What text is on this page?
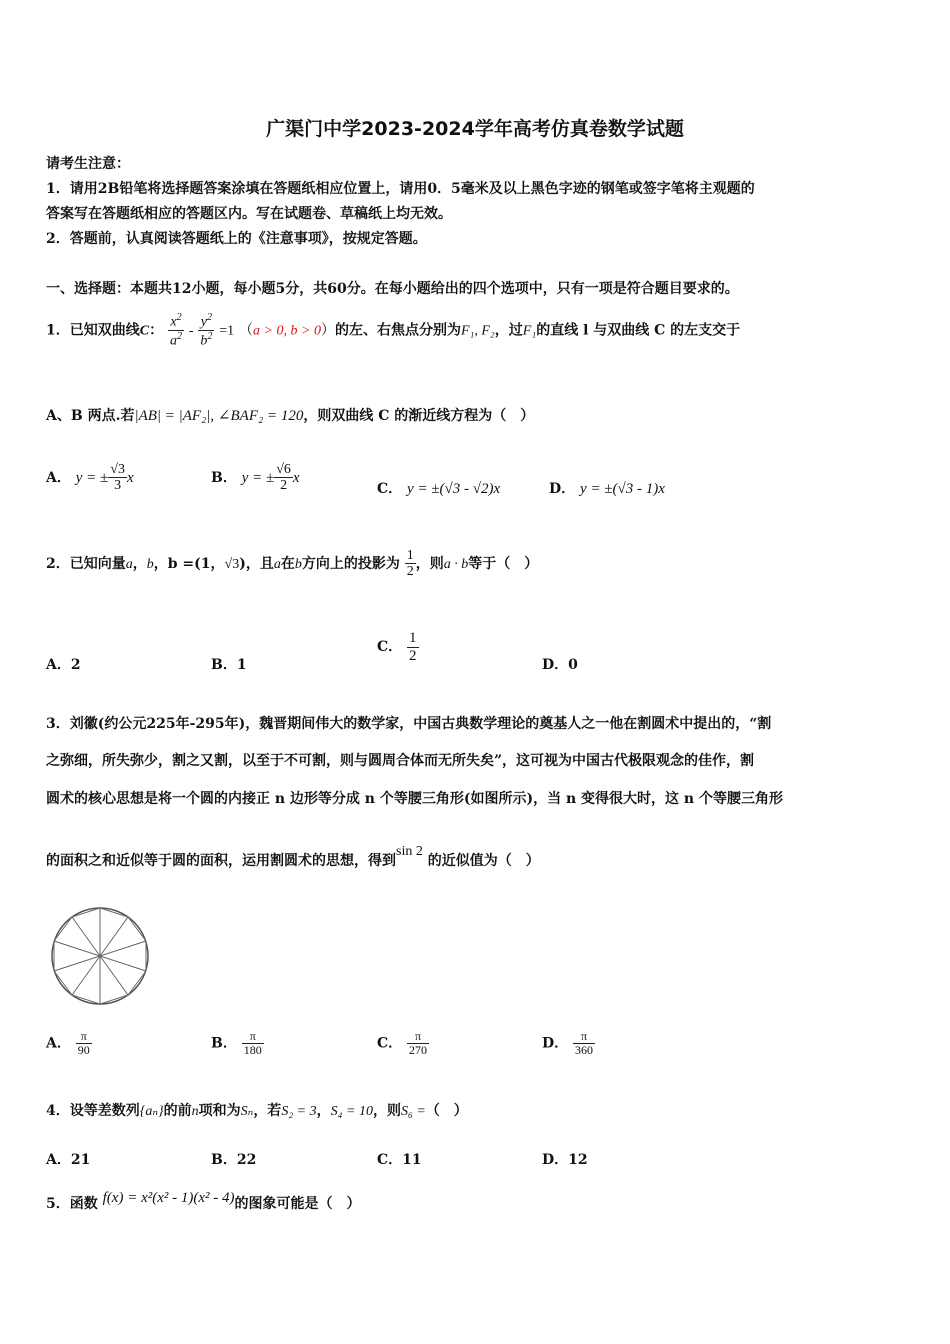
广渠门中学2023-2024学年高考仿真卷数学试题
请考生注意：
1．请用2B铅笔将选择题答案涂填在答题纸相应位置上，请用0．5毫米及以上黑色字迹的钢笔或签字笔将主观题的
答案写在答题纸相应的答题区内。写在试题卷、草稿纸上均无效。
2．答题前，认真阅读答题纸上的《注意事项》，按规定答题。
一、选择题：本题共12小题，每小题5分，共60分。在每小题给出的四个选项中，只有一项是符合题目要求的。
1．已知双曲线C： $\frac{x^2}{a^2} - \frac{y^2}{b^2} =1$ （a > 0, b > 0）的左、右焦点分别为F₁, F₂，过F₁的直线 l 与双曲线 C 的左支交于
A、B 两点.若|AB| = |AF₂|, ∠BAF₂ = 120，则双曲线 C 的渐近线方程为（　）
A． y = ± $\frac{√3}{3}$ x	B． y = ± $\frac{√6}{2}$ x
C． y = ±(√3 - √2)x	D． y = ±(√3 - 1)x
2．已知向量a，b，b =(1，√3)，且a在b方向上的投影为 $\frac{1}{2}$ ，则a · b等于（　）
A．2	B．1
C． $\frac{1}{2}$
D．0
3．刘徽(约公元225年-295年)，魏晋期间伟大的数学家，中国古典数学理论的奠基人之一他在割圆术中提出的，“割
之弥细，所失弥少，割之又割，以至于不可割，则与圆周合体而无所失矣”，这可视为中国古代极限观念的佳作，割
圆术的核心思想是将一个圆的内接正 n 边形等分成 n 个等腰三角形(如图所示)，当 n 变得很大时，这 n 个等腰三角形
的面积之和近似等于圆的面积，运用割圆术的思想，得到sin 2 的近似值为（　）
A． $\frac{\pi}{90}$	B． $\frac{\pi}{180}$	C． $\frac{\pi}{270}$	D． $\frac{\pi}{360}$
4．设等差数列{aₙ}的前n项和为Sₙ，若S₂ = 3，S₄ = 10，则S₆ =（　）
A．21	B．22	C．11	D．12
5．函数 f(x) = x²(x² - 1)(x² - 4)的图象可能是（　）
